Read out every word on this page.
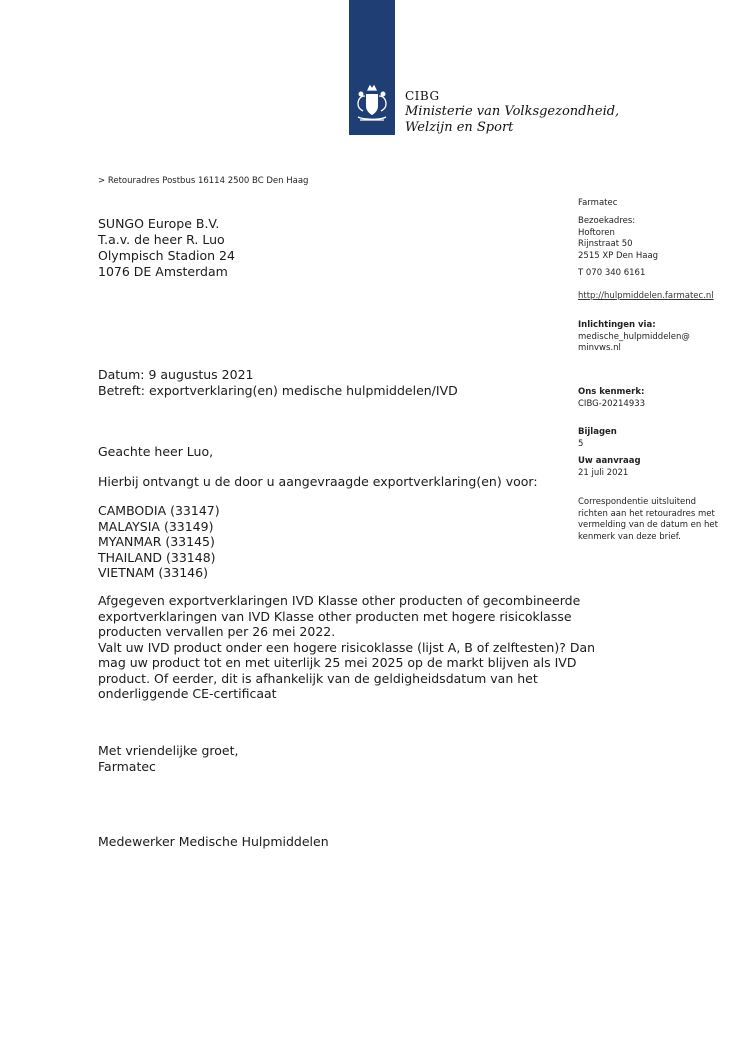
CIBG
Ministerie van Volksgezondheid,
Welzijn en Sport
> Retouradres Postbus 16114 2500 BC Den Haag
SUNGO Europe B.V.
T.a.v. de heer R. Luo
Olympisch Stadion 24
1076 DE Amsterdam
Datum: 9 augustus 2021
Betreft: exportverklaring(en) medische hulpmiddelen/IVD
Geachte heer Luo,
Hierbij ontvangt u de door u aangevraagde exportverklaring(en) voor:
CAMBODIA (33147)
MALAYSIA (33149)
MYANMAR (33145)
THAILAND (33148)
VIETNAM (33146)
Afgegeven exportverklaringen IVD Klasse other producten of gecombineerde
exportverklaringen van IVD Klasse other producten met hogere risicoklasse
producten vervallen per 26 mei 2022.
Valt uw IVD product onder een hogere risicoklasse (lijst A, B of zelftesten)? Dan
mag uw product tot en met uiterlijk 25 mei 2025 op de markt blijven als IVD
product. Of eerder, dit is afhankelijk van de geldigheidsdatum van het
onderliggende CE-certificaat
Met vriendelijke groet,
Farmatec
Medewerker Medische Hulpmiddelen
Farmatec
Bezoekadres:
Hoftoren
Rijnstraat 50
2515 XP Den Haag
T 070 340 6161
http://hulpmiddelen.farmatec.nl
Inlichtingen via:
medische_hulpmiddelen@
minvws.nl
Ons kenmerk:
CIBG-20214933
Bijlagen
5
Uw aanvraag
21 juli 2021
Correspondentie uitsluitend
richten aan het retouradres met
vermelding van de datum en het
kenmerk van deze brief.
